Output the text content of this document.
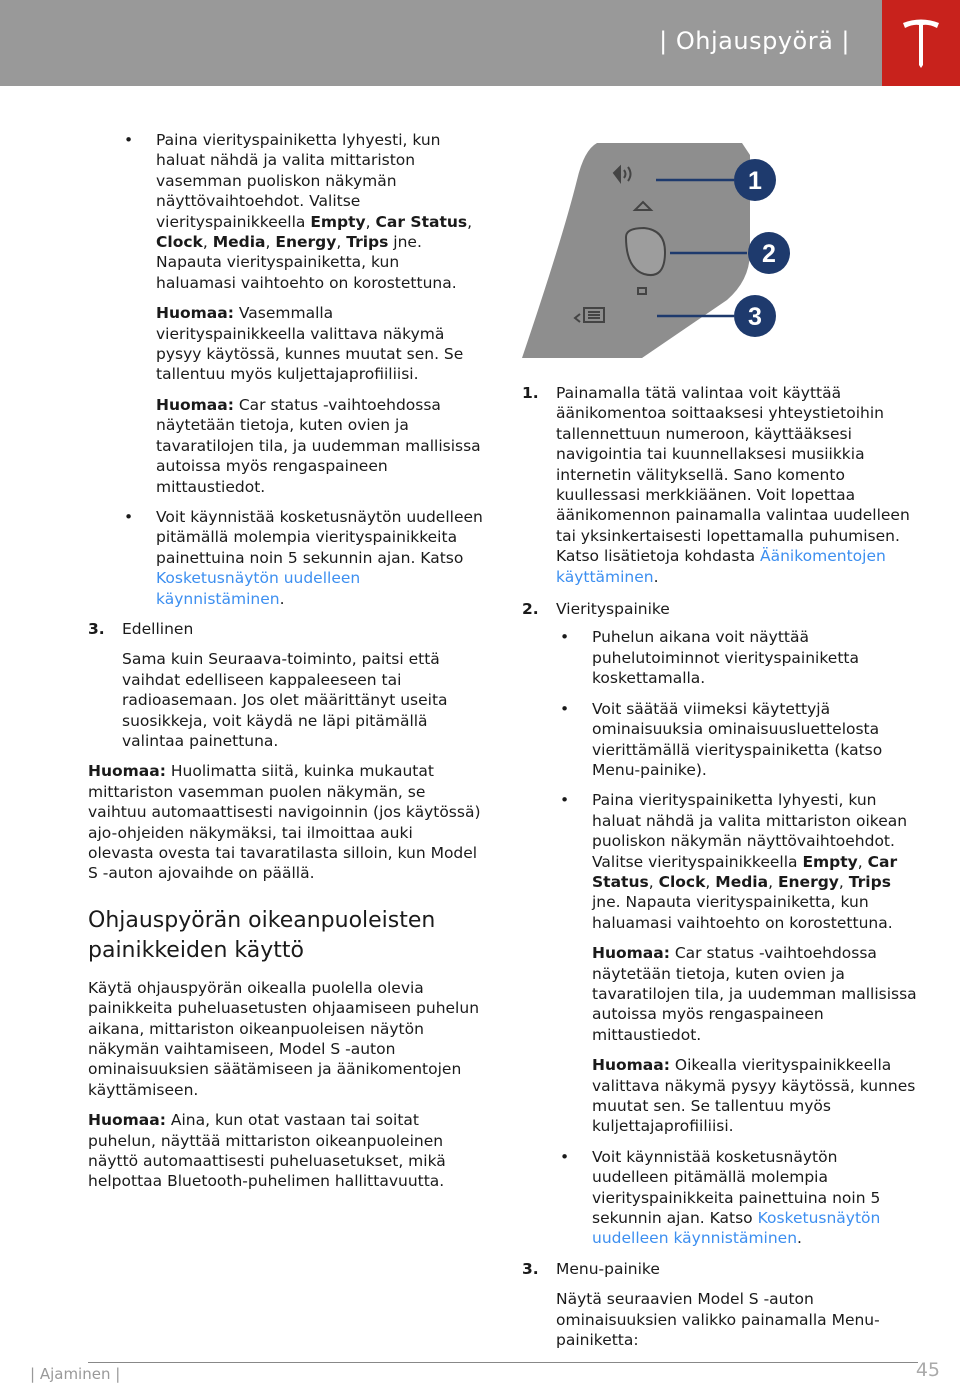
| Ohjauspyörä |
• Paina vierityspainiketta lyhyesti, kun haluat nähdä ja valita mittariston vasemman puoliskon näkymän näyttövaihtoehdot. Valitse vierityspainikkeella Empty, Car Status, Clock, Media, Energy, Trips jne. Napauta vierityspainiketta, kun haluamasi vaihtoehto on korostettuna.

Huomaa: Vasemmalla vierityspainikkeella valittava näkymä pysyy käytössä, kunnes muutat sen. Se tallentuu myös kuljettajaprofiiliisi.

Huomaa: Car status -vaihtoehdossa näytetään tietoja, kuten ovien ja tavaratilojen tila, ja uudemman mallisissa autoissa myös rengaspaineen mittaustiedot.

• Voit käynnistää kosketusnäytön uudelleen pitämällä molempia vierityspainikkeita painettuina noin 5 sekunnin ajan. Katso Kosketusnäytön uudelleen käynnistäminen.

3. Edellinen

Sama kuin Seuraava-toiminto, paitsi että vaihdat edelliseen kappaleeseen tai radioasemaan. Jos olet määrittänyt useita suosikkeja, voit käydä ne läpi pitämällä valintaa painettuna.

Huomaa: Huolimatta siitä, kuinka mukautat mittariston vasemman puolen näkymän, se vaihtuu automaattisesti navigoinnin (jos käytössä) ajo-ohjeiden näkymäksi, tai ilmoittaa auki olevasta ovesta tai tavaratilasta silloin, kun Model S -auton ajovaihde on päällä.

Ohjauspyörän oikeanpuoleisten painikkeiden käyttö

Käytä ohjauspyörän oikealla puolella olevia painikkeita puheluasetusten ohjaamiseen puhelun aikana, mittariston oikeanpuoleisen näytön näkymän vaihtamiseen, Model S -auton ominaisuuksien säätämiseen ja äänikomentojen käyttämiseen.

Huomaa: Aina, kun otat vastaan tai soitat puhelun, näyttää mittariston oikeanpuoleinen näyttö automaattisesti puheluasetukset, mikä helpottaa Bluetooth-puhelimen hallittavuutta.

1
2
3
1. Painamalla tätä valintaa voit käyttää äänikomentoa soittaaksesi yhteystietoihin tallennettuun numeroon, käyttääksesi navigointia tai kuunnellaksesi musiikkia internetin välityksellä. Sano komento kuullessasi merkkiäänen. Voit lopettaa äänikomennon painamalla valintaa uudelleen tai yksinkertaisesti lopettamalla puhumisen. Katso lisätietoja kohdasta Äänikomentojen käyttäminen.

2. Vierityspainike

• Puhelun aikana voit näyttää puhelutoiminnot vierityspainiketta koskettamalla.

• Voit säätää viimeksi käytettyjä ominaisuuksia ominaisuusluettelosta vierittämällä vierityspainiketta (katso Menu-painike).

• Paina vierityspainiketta lyhyesti, kun haluat nähdä ja valita mittariston oikean puoliskon näkymän näyttövaihtoehdot. Valitse vierityspainikkeella Empty, Car Status, Clock, Media, Energy, Trips jne. Napauta vierityspainiketta, kun haluamasi vaihtoehto on korostettuna.

Huomaa: Car status -vaihtoehdossa näytetään tietoja, kuten ovien ja tavaratilojen tila, ja uudemman mallisissa autoissa myös rengaspaineen mittaustiedot.

Huomaa: Oikealla vierityspainikkeella valittava näkymä pysyy käytössä, kunnes muutat sen. Se tallentuu myös kuljettajaprofiiliisi.

• Voit käynnistää kosketusnäytön uudelleen pitämällä molempia vierityspainikkeita painettuina noin 5 sekunnin ajan. Katso Kosketusnäytön uudelleen käynnistäminen.

3. Menu-painike

Näytä seuraavien Model S -auton ominaisuuksien valikko painamalla Menu-painiketta:

| Ajaminen |	45
